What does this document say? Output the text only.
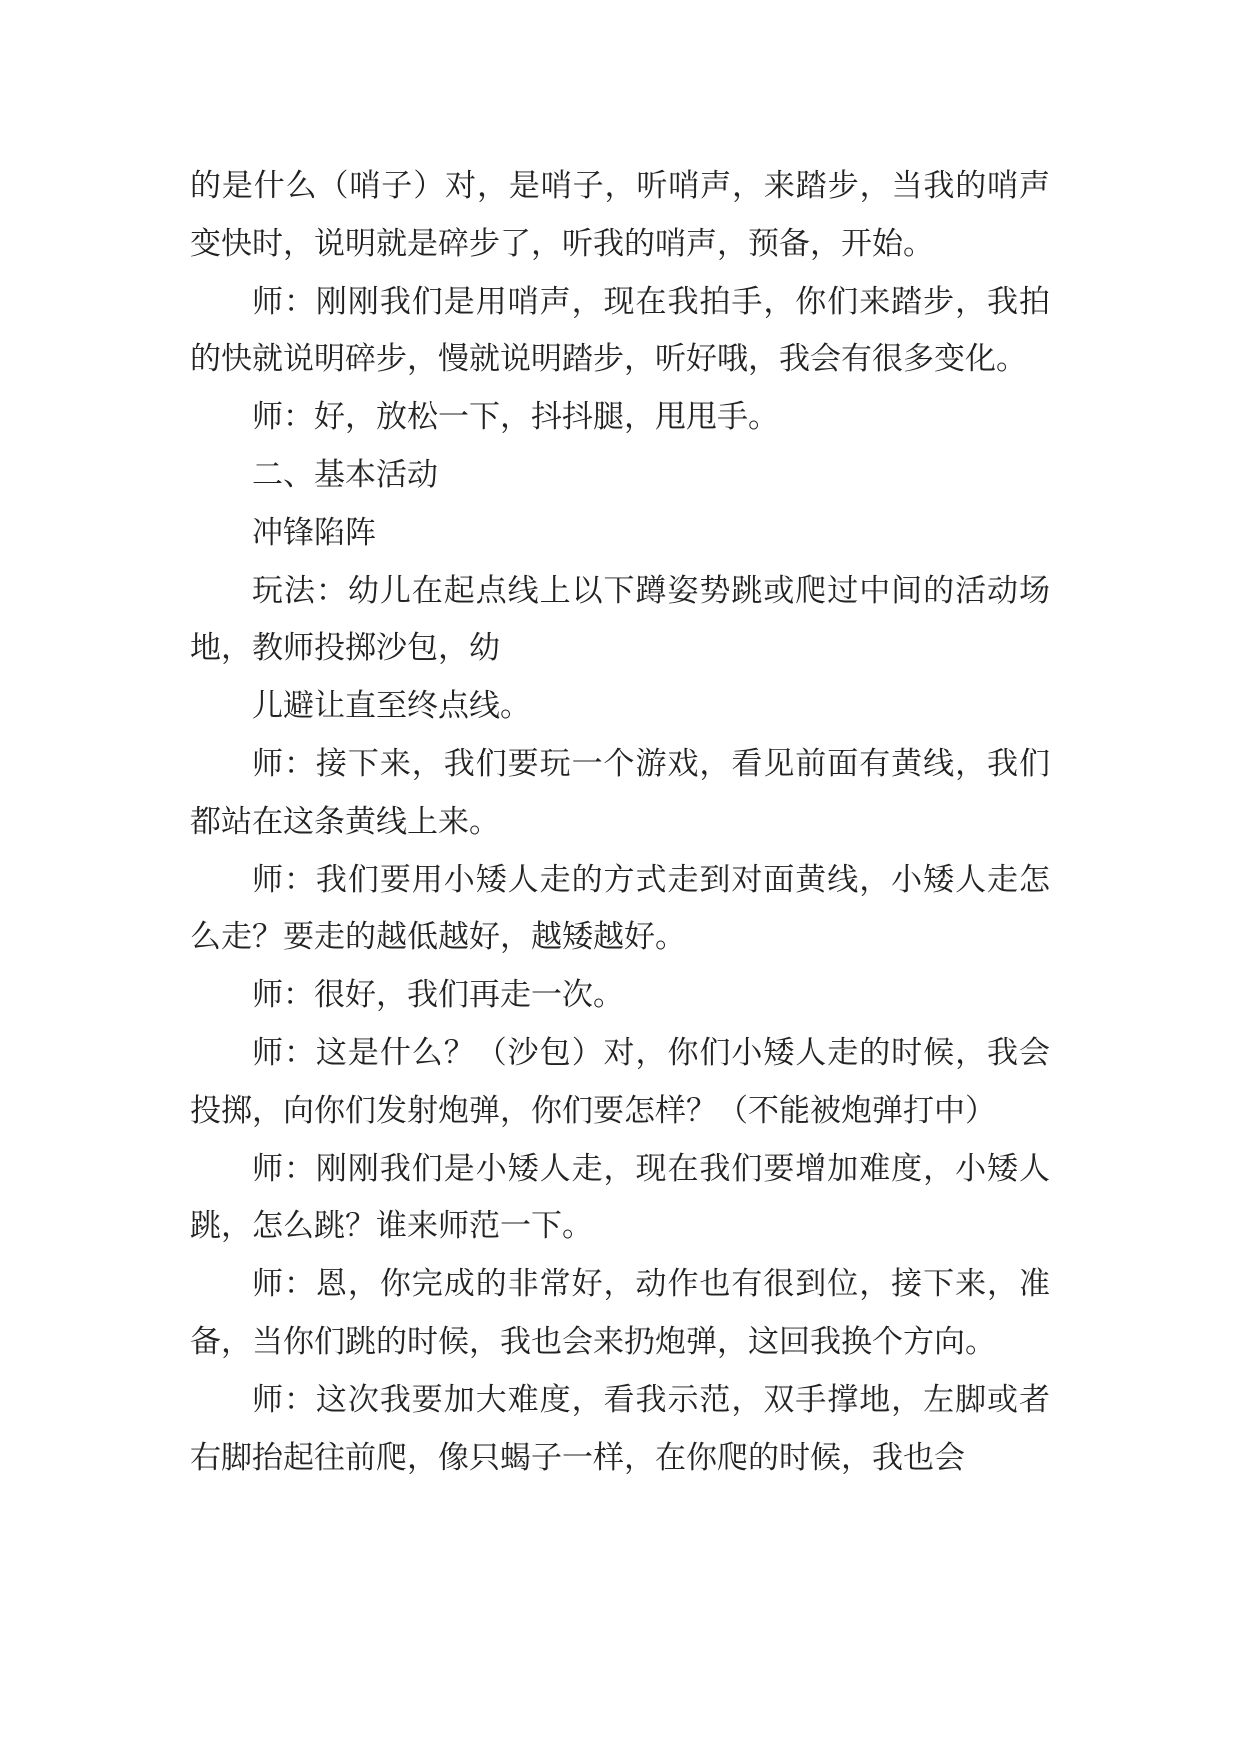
的是什么（哨子）对，是哨子，听哨声，来踏步，当我的哨声变快时，说明就是碎步了，听我的哨声，预备，开始。

师：刚刚我们是用哨声，现在我拍手，你们来踏步，我拍的快就说明碎步，慢就说明踏步，听好哦，我会有很多变化。

师：好，放松一下，抖抖腿，甩甩手。

二、基本活动

冲锋陷阵

玩法：幼儿在起点线上以下蹲姿势跳或爬过中间的活动场地，教师投掷沙包，幼

儿避让直至终点线。

师：接下来，我们要玩一个游戏，看见前面有黄线，我们都站在这条黄线上来。

师：我们要用小矮人走的方式走到对面黄线，小矮人走怎么走？要走的越低越好，越矮越好。

师：很好，我们再走一次。

师：这是什么？（沙包）对，你们小矮人走的时候，我会投掷，向你们发射炮弹，你们要怎样？（不能被炮弹打中）

师：刚刚我们是小矮人走，现在我们要增加难度，小矮人跳，怎么跳？谁来师范一下。

师：恩，你完成的非常好，动作也有很到位，接下来，准备，当你们跳的时候，我也会来扔炮弹，这回我换个方向。

师：这次我要加大难度，看我示范，双手撑地，左脚或者右脚抬起往前爬，像只蝎子一样，在你爬的时候，我也会
